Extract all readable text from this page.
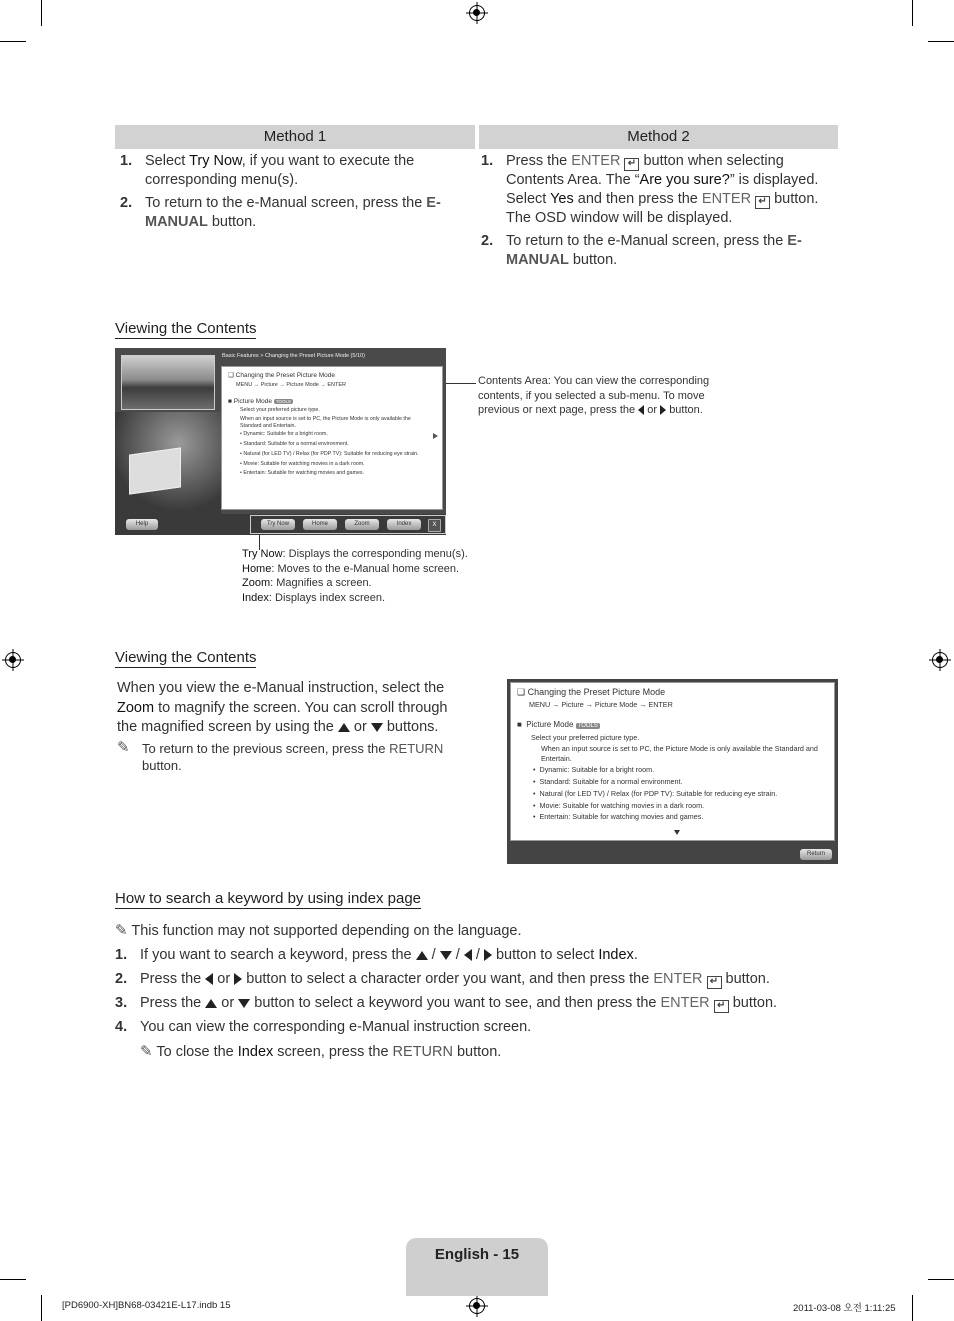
Method 1	Method 2
1. Select Try Now, if you want to execute the corresponding menu(s).
2. To return to the e-Manual screen, press the E-MANUAL button.
1. Press the ENTER ↵ button when selecting Contents Area. The “Are you sure?” is displayed. Select Yes and then press the ENTER ↵ button. The OSD window will be displayed.
2. To return to the e-Manual screen, press the E-MANUAL button.
Viewing the Contents
Basic Features > Changing the Preset Picture Mode (5/10)
❑ Changing the Preset Picture Mode
MENU → Picture → Picture Mode → ENTER
■ Picture Mode TOOLS
Select your preferred picture type.
When an input source is set to PC, the Picture Mode is only available the Standard and Entertain.
• Dynamic: Suitable for a bright room.
• Standard: Suitable for a normal environment.
• Natural (for LED TV) / Relax (for PDP TV): Suitable for reducing eye strain.
• Movie: Suitable for watching movies in a dark room.
• Entertain: Suitable for watching movies and games.
Help	Try Now	Home	Zoom	Index	X
Contents Area: You can view the corresponding contents, if you selected a sub-menu. To move previous or next page, press the or button.
Try Now: Displays the corresponding menu(s).
Home: Moves to the e-Manual home screen.
Zoom: Magnifies a screen.
Index: Displays index screen.
Viewing the Contents
When you view the e-Manual instruction, select the Zoom to magnify the screen. You can scroll through the magnified screen by using the  or  buttons.
✎ To return to the previous screen, press the RETURN button.
❑ Changing the Preset Picture Mode
MENU → Picture → Picture Mode → ENTER
■  Picture Mode TOOLS
Select your preferred picture type.
When an input source is set to PC, the Picture Mode is only available the Standard and Entertain.
•  Dynamic: Suitable for a bright room.
•  Standard: Suitable for a normal environment.
•  Natural (for LED TV) / Relax (for PDP TV): Suitable for reducing eye strain.
•  Movie: Suitable for watching movies in a dark room.
•  Entertain: Suitable for watching movies and games.
Return
How to search a keyword by using index page
✎ This function may not supported depending on the language.
1. If you want to search a keyword, press the  /  /  /  button to select Index.
2. Press the  or  button to select a character order you want, and then press the ENTER ↵ button.
3. Press the  or  button to select a keyword you want to see, and then press the ENTER ↵ button.
4. You can view the corresponding e-Manual instruction screen.
✎ To close the Index screen, press the RETURN button.
English - 15
[PD6900-XH]BN68-03421E-L17.indb 15	2011-03-08 오전 1:11:25
